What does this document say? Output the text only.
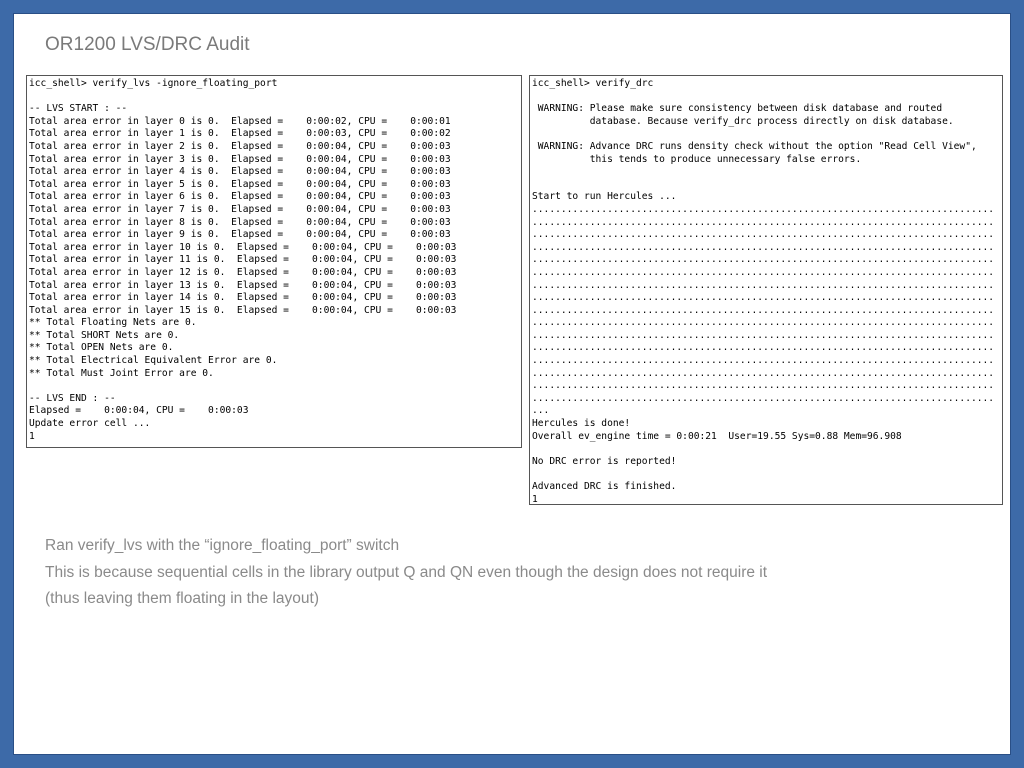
OR1200 LVS/DRC Audit
icc_shell> verify_lvs -ignore_floating_port
-- LVS START : --
Total area error in layer 0 is 0.  Elapsed =    0:00:02, CPU =    0:00:01
Total area error in layer 1 is 0.  Elapsed =    0:00:03, CPU =    0:00:02
Total area error in layer 2 is 0.  Elapsed =    0:00:04, CPU =    0:00:03
Total area error in layer 3 is 0.  Elapsed =    0:00:04, CPU =    0:00:03
Total area error in layer 4 is 0.  Elapsed =    0:00:04, CPU =    0:00:03
Total area error in layer 5 is 0.  Elapsed =    0:00:04, CPU =    0:00:03
Total area error in layer 6 is 0.  Elapsed =    0:00:04, CPU =    0:00:03
Total area error in layer 7 is 0.  Elapsed =    0:00:04, CPU =    0:00:03
Total area error in layer 8 is 0.  Elapsed =    0:00:04, CPU =    0:00:03
Total area error in layer 9 is 0.  Elapsed =    0:00:04, CPU =    0:00:03
Total area error in layer 10 is 0.  Elapsed =    0:00:04, CPU =    0:00:03
Total area error in layer 11 is 0.  Elapsed =    0:00:04, CPU =    0:00:03
Total area error in layer 12 is 0.  Elapsed =    0:00:04, CPU =    0:00:03
Total area error in layer 13 is 0.  Elapsed =    0:00:04, CPU =    0:00:03
Total area error in layer 14 is 0.  Elapsed =    0:00:04, CPU =    0:00:03
Total area error in layer 15 is 0.  Elapsed =    0:00:04, CPU =    0:00:03
** Total Floating Nets are 0.
** Total SHORT Nets are 0.
** Total OPEN Nets are 0.
** Total Electrical Equivalent Error are 0.
** Total Must Joint Error are 0.
-- LVS END : --
Elapsed =    0:00:04, CPU =    0:00:03
Update error cell ...
1
icc_shell> verify_drc
WARNING: Please make sure consistency between disk database and routed
database. Because verify_drc process directly on disk database.
WARNING: Advance DRC runs density check without the option "Read Cell View",
this tends to produce unnecessary false errors.
Start to run Hercules ...
................................................................................
................................................................................
................................................................................
................................................................................
................................................................................
................................................................................
................................................................................
................................................................................
................................................................................
................................................................................
................................................................................
................................................................................
................................................................................
................................................................................
................................................................................
................................................................................
...
Hercules is done!
Overall ev_engine time = 0:00:21  User=19.55 Sys=0.88 Mem=96.908
No DRC error is reported!
Advanced DRC is finished.
1

Ran verify_lvs with the “ignore_floating_port” switch
This is because sequential cells in the library output Q and QN even though the design does not require it
(thus leaving them floating in the layout)
